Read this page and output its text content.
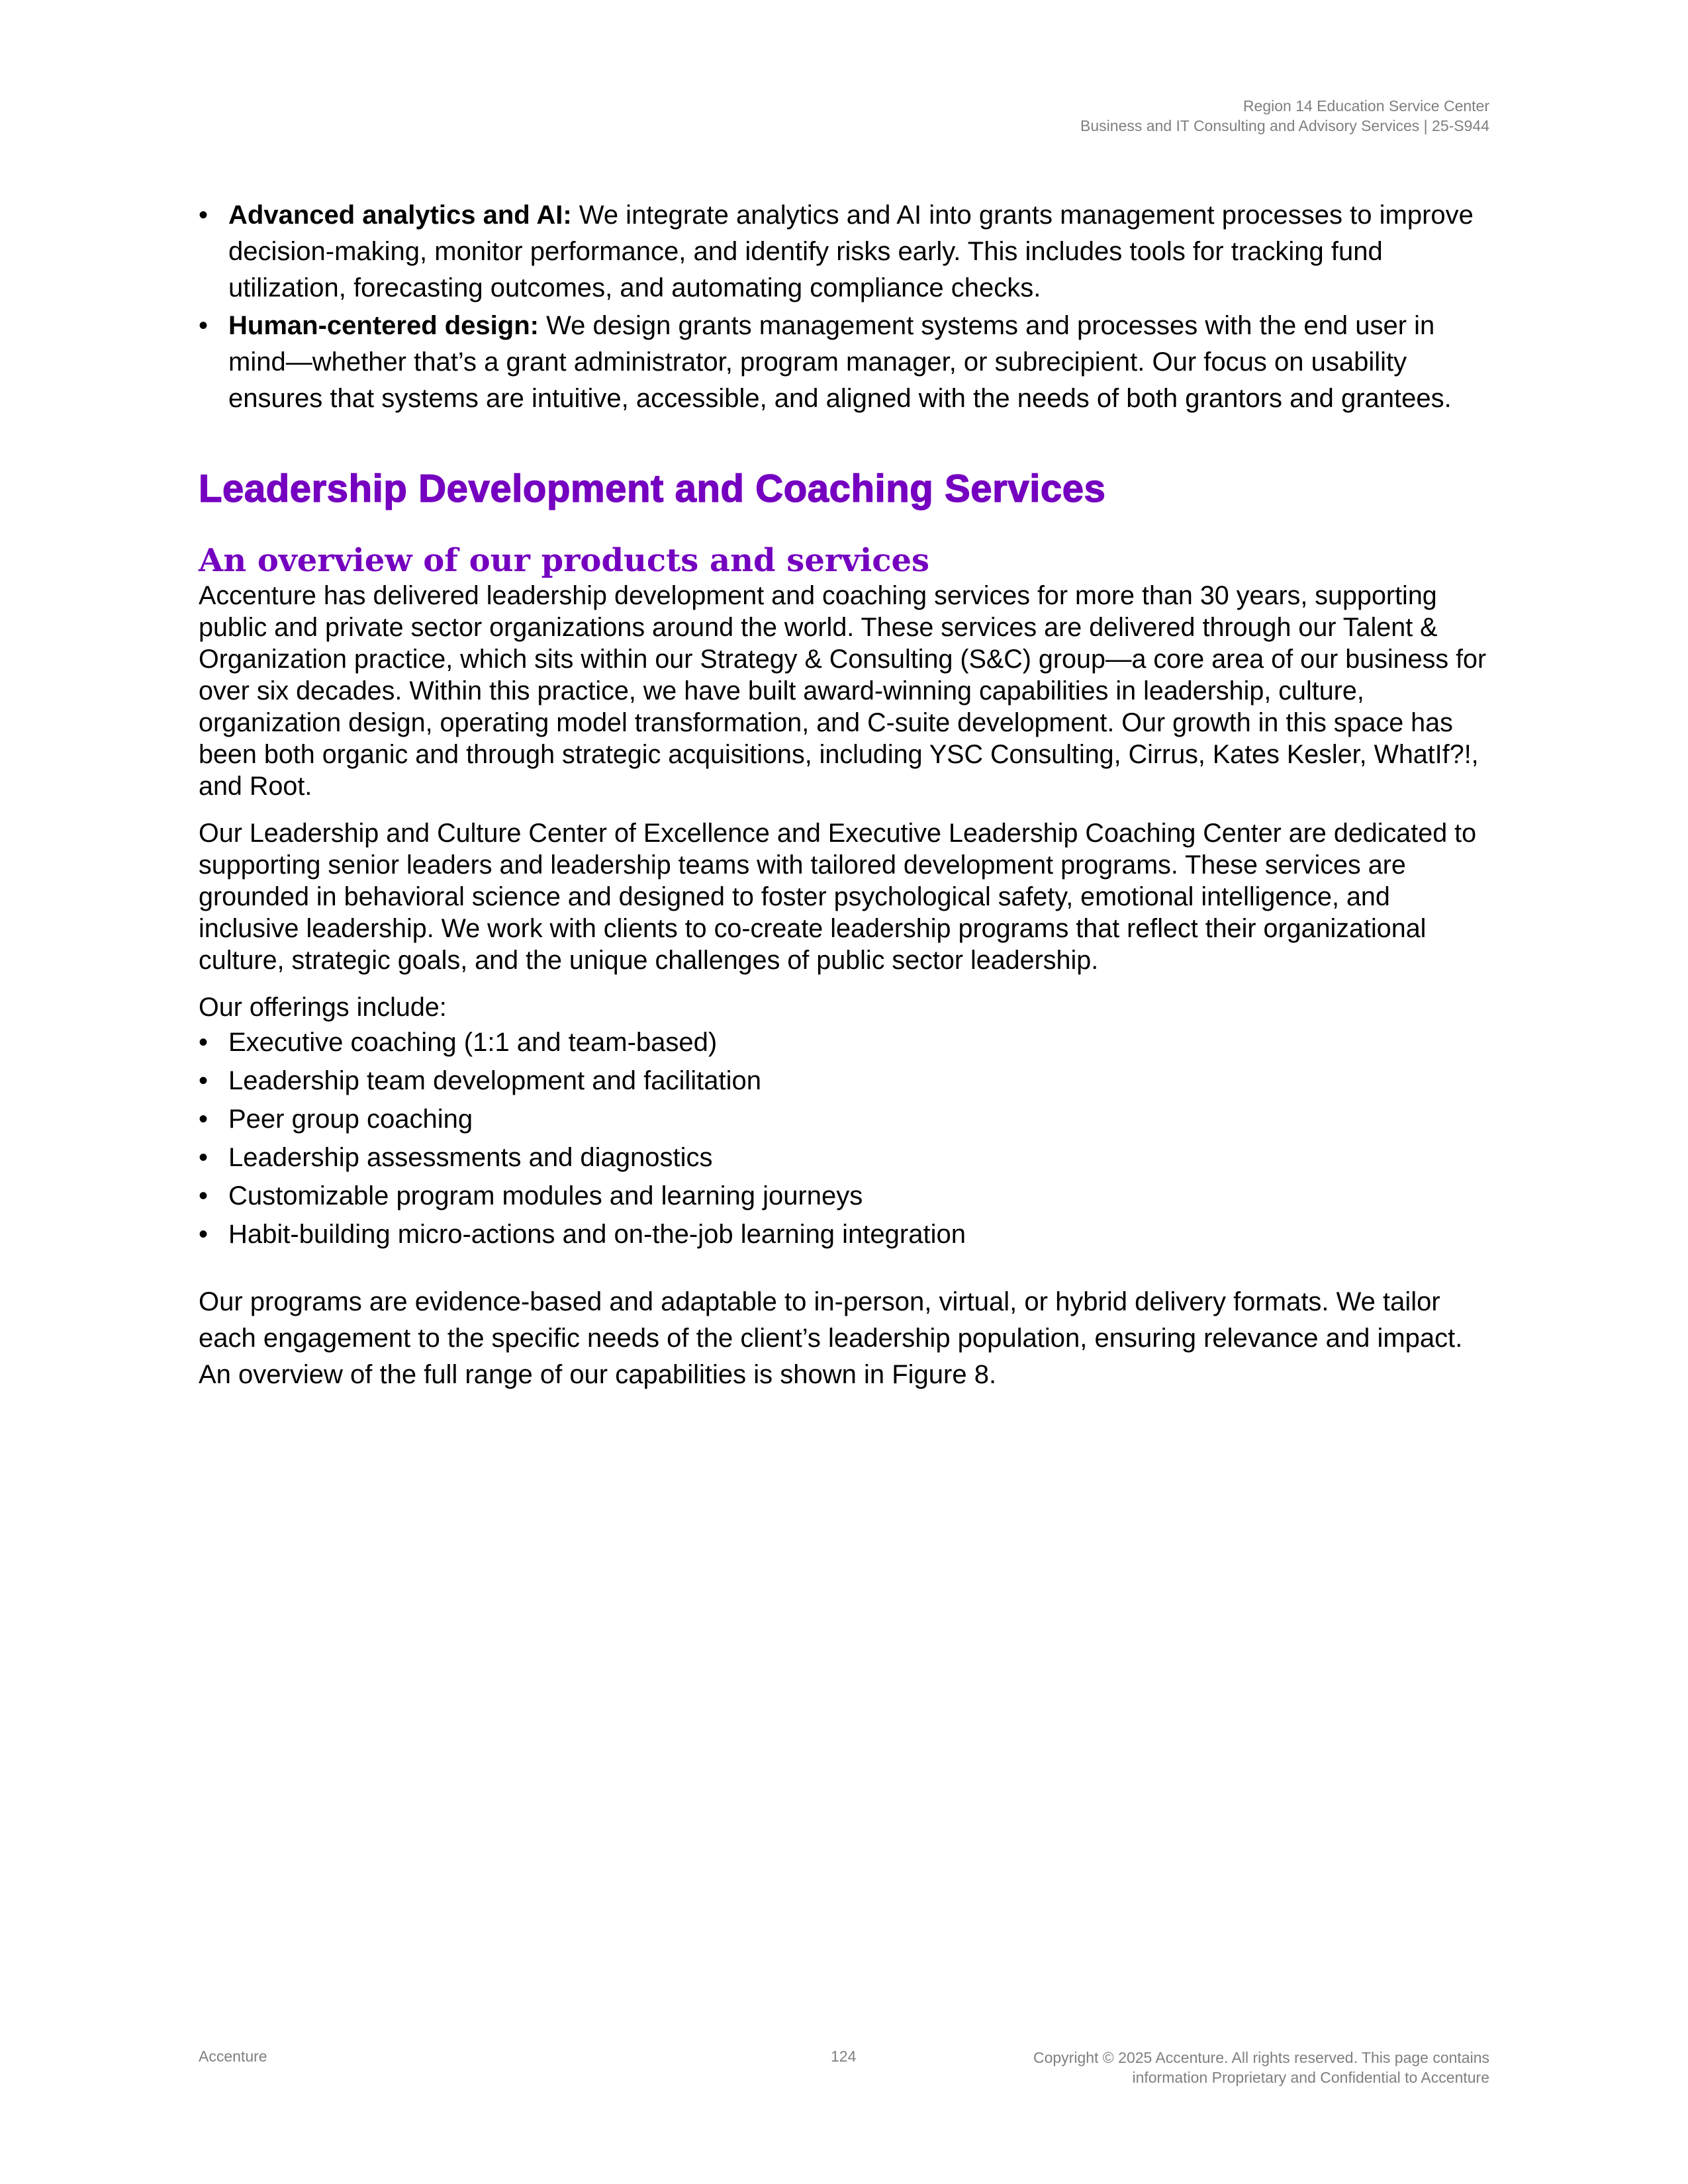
Region 14 Education Service Center
Business and IT Consulting and Advisory Services | 25-S944
• Advanced analytics and AI: We integrate analytics and AI into grants management processes to improve decision-making, monitor performance, and identify risks early. This includes tools for tracking fund utilization, forecasting outcomes, and automating compliance checks.
• Human-centered design: We design grants management systems and processes with the end user in mind—whether that’s a grant administrator, program manager, or subrecipient. Our focus on usability ensures that systems are intuitive, accessible, and aligned with the needs of both grantors and grantees.
Leadership Development and Coaching Services
An overview of our products and services

Accenture has delivered leadership development and coaching services for more than 30 years, supporting public and private sector organizations around the world. These services are delivered through our Talent & Organization practice, which sits within our Strategy & Consulting (S&C) group—a core area of our business for over six decades. Within this practice, we have built award-winning capabilities in leadership, culture, organization design, operating model transformation, and C-suite development. Our growth in this space has been both organic and through strategic acquisitions, including YSC Consulting, Cirrus, Kates Kesler, WhatIf?!, and Root.

Our Leadership and Culture Center of Excellence and Executive Leadership Coaching Center are dedicated to supporting senior leaders and leadership teams with tailored development programs. These services are grounded in behavioral science and designed to foster psychological safety, emotional intelligence, and inclusive leadership. We work with clients to co-create leadership programs that reflect their organizational culture, strategic goals, and the unique challenges of public sector leadership.

Our offerings include:

• Executive coaching (1:1 and team-based)
• Leadership team development and facilitation
• Peer group coaching
• Leadership assessments and diagnostics
• Customizable program modules and learning journeys
• Habit-building micro-actions and on-the-job learning integration

Our programs are evidence-based and adaptable to in-person, virtual, or hybrid delivery formats. We tailor each engagement to the specific needs of the client’s leadership population, ensuring relevance and impact. An overview of the full range of our capabilities is shown in Figure 8.

Accenture	124	Copyright © 2025 Accenture. All rights reserved. This page contains
information Proprietary and Confidential to Accenture
